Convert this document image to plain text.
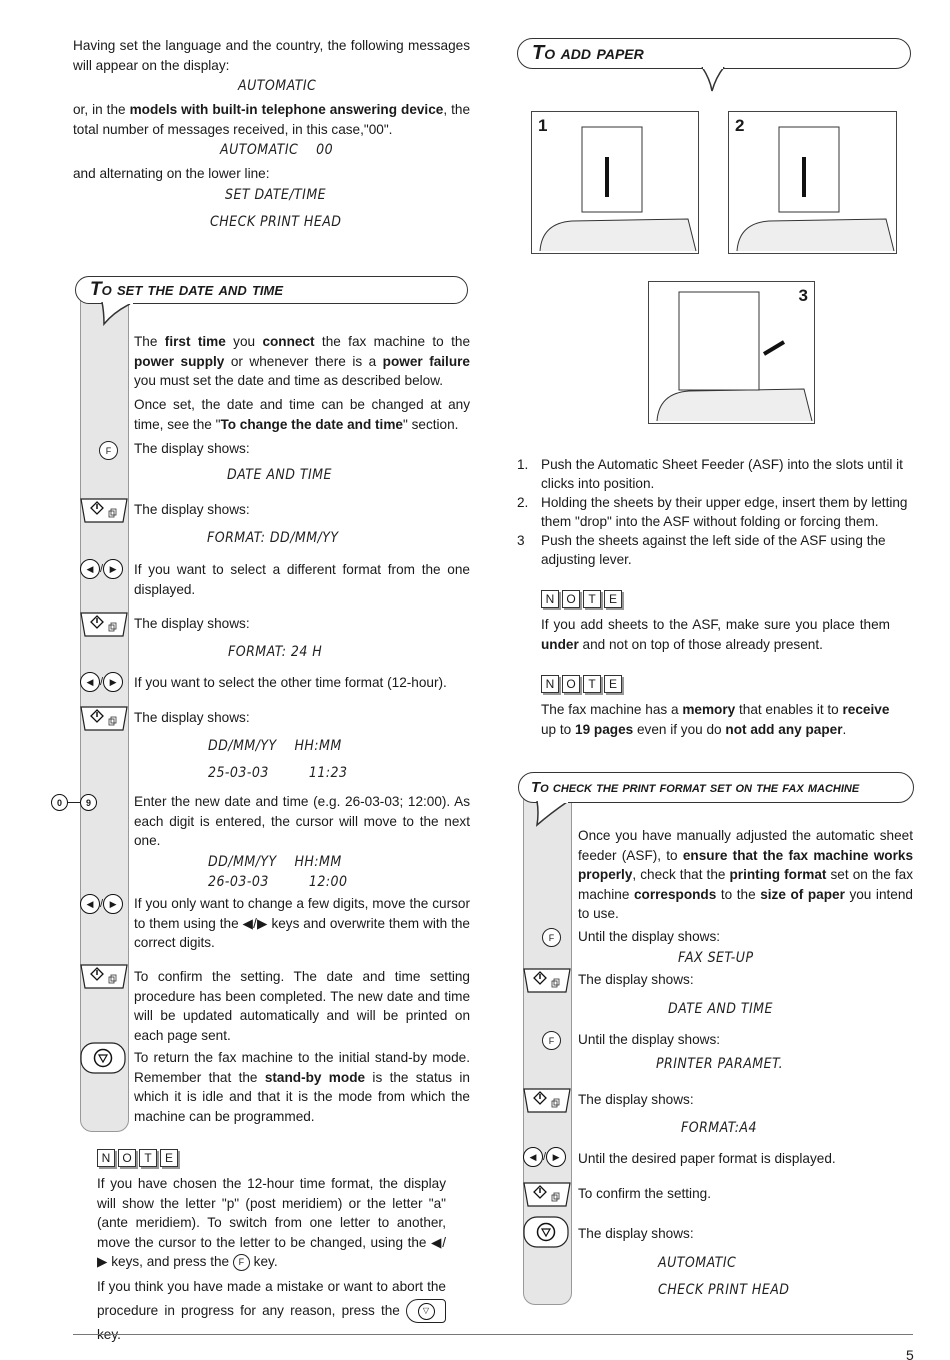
Having set the language and the country, the following messages will appear on the display:
AUTOMATIC
or, in the models with built-in telephone answering device, the total number of messages received, in this case,"00".
AUTOMATIC    00
and alternating on the lower line:
SET DATE/TIME
CHECK PRINT HEAD
To set the date and time
The first time you connect the fax machine to the power supply or whenever there is a power failure you must set the date and time as described below.
Once set, the date and time can be changed at any time, see the "To change the date and time" section.
F	The display shows:
DATE AND TIME
The display shows:
FORMAT: DD/MM/YY
◀ / ▶	If you want to select a different format from the one displayed.
The display shows:
FORMAT: 24 H
◀ / ▶	If you want to select the other time format (12-hour).
The display shows:
DD/MM/YY    HH:MM
25-03-03         11:23
0	9	Enter the new date and time (e.g. 26-03-03; 12:00). As each digit is entered, the cursor will move to the next one.
DD/MM/YY    HH:MM
26-03-03         12:00
◀ / ▶	If you only want to change a few digits, move the cursor to them using the ◀/▶ keys and overwrite them with the correct digits.
To confirm the setting. The date and time setting procedure has been completed. The new date and time will be updated automatically and will be printed on each page sent.
To return the fax machine to the initial stand-by mode. Remember that the stand-by mode is the status in which it is idle and that it is the mode from which the machine can be programmed.
N	O	T	E
If you have chosen the 12-hour time format, the display will show the letter "p" (post meridiem) or the letter "a" (ante meridiem). To switch from one letter to another, move the cursor to the letter to be changed, using the ◀/▶ keys, and press the F key.
If you think you have made a mistake or want to abort the procedure in progress for any reason, press the	▽
To add paper
1	2
3
1. Push the Automatic Sheet Feeder (ASF) into the slots until it clicks into position.
2. Holding the sheets by their upper edge, insert them by letting them "drop" into the ASF without folding or forcing them.
3	Push the sheets against the left side of the ASF using the adjusting lever.
N	O	T	E
If you add sheets to the ASF, make sure you place them under and not on top of those already present.
N	O	T	E
The fax machine has a memory that enables it to receive up to 19 pages even if you do not add any paper.
To check the print format set on the fax machine
Once you have manually adjusted the automatic sheet feeder (ASF), to ensure that the fax machine works properly, check that the printing format set on the fax machine corresponds to the size of paper you intend to use.
F	Until the display shows:
FAX SET-UP
The display shows:
DATE AND TIME
F	Until the display shows:
PRINTER PARAMET.
The display shows:
FORMAT:A4
◀ / ▶	Until the desired paper format is displayed.
To confirm the setting.
The display shows:
AUTOMATIC
CHECK PRINT HEAD
5
